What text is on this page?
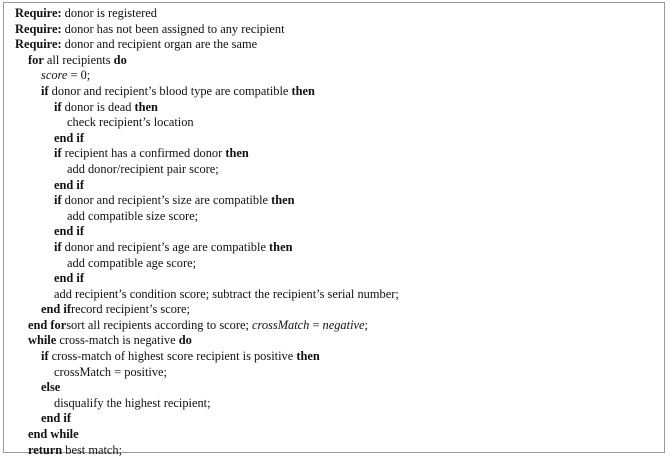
Require: donor is registered
Require: donor has not been assigned to any recipient
Require: donor and recipient organ are the same
for all recipients do
score = 0;
if donor and recipient’s blood type are compatible then
if donor is dead then
check recipient’s location
end if
if recipient has a confirmed donor then
add donor/recipient pair score;
end if
if donor and recipient’s size are compatible then
add compatible size score;
end if
if donor and recipient’s age are compatible then
add compatible age score;
end if
add recipient’s condition score; subtract the recipient’s serial number;
end ifrecord recipient’s score;
end forsort all recipients according to score; crossMatch = negative;
while cross-match is negative do
if cross-match of highest score recipient is positive then
crossMatch = positive;
else
disqualify the highest recipient;
end if
end while
return best match;
